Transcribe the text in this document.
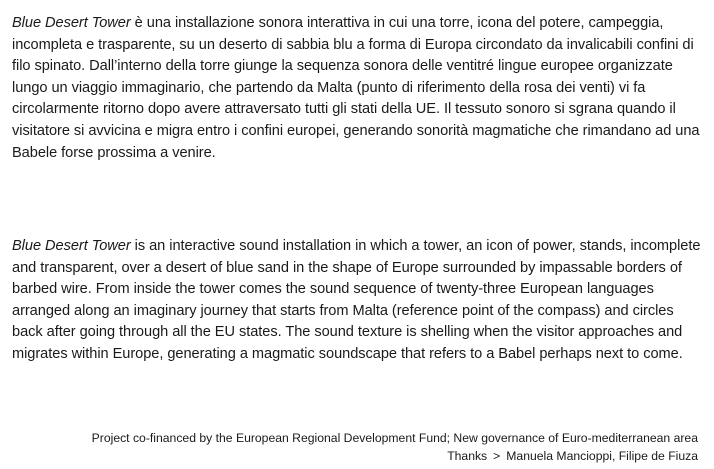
Blue Desert Tower è una installazione sonora interattiva in cui una torre, icona del potere, campeggia, incompleta e trasparente, su un deserto di sabbia blu a forma di Europa circondato da invalicabili confini di filo spinato. Dall’interno della torre giunge la sequenza sonora delle ventitré lingue europee organizzate lungo un viaggio immaginario, che partendo da Malta (punto di riferimento della rosa dei venti) vi fa circolarmente ritorno dopo avere attraversato tutti gli stati della UE. Il tessuto sonoro si sgrana quando il visitatore si avvicina e migra entro i confini europei, generando sonorità magmatiche che rimandano ad una Babele forse prossima a venire.

Blue Desert Tower is an interactive sound installation in which a tower, an icon of power, stands, incomplete and transparent, over a desert of blue sand in the shape of Europe surrounded by impassable borders of barbed wire. From inside the tower comes the sound sequence of twenty-three European languages arranged along an imaginary journey that starts from Malta (reference point of the compass) and circles back after going through all the EU states. The sound texture is shelling when the visitor approaches and migrates within Europe, generating a magmatic soundscape that refers to a Babel perhaps next to come.

Project co-financed by the European Regional Development Fund; New governance of Euro-mediterranean area
Thanks > Manuela Mancioppi, Filipe de Fiuza
